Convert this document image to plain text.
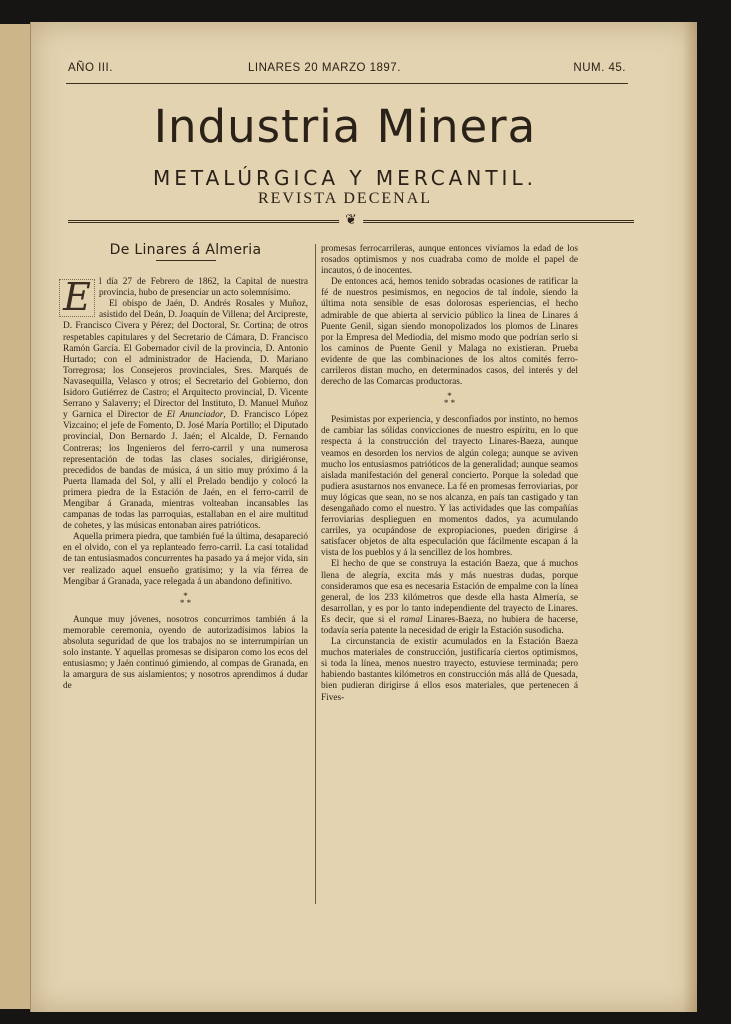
AÑO III.	LINARES 20 MARZO 1897.	NUM. 45.
Industria Minera
METALÚRGICA Y MERCANTIL.
REVISTA DECENAL
❦
De Linares á Almeria

E l día 27 de Febrero de 1862, la Capital de nuestra provincia, hubo de presenciar un acto solemnísimo.

El obispo de Jaén, D. Andrés Rosales y Muñoz, asistido del Deán, D. Joaquín de Villena; del Arcipreste, D. Francisco Civera y Pérez; del Doctoral, Sr. Cortina; de otros respetables capitulares y del Secretario de Cámara, D. Francisco Ramón García. El Gobernador civil de la provincia, D. Antonio Hurtado; con el administrador de Hacienda, D. Mariano Torregrosa; los Consejeros provinciales, Sres. Marqués de Navasequilla, Velasco y otros; el Secretario del Gobierno, don Isidoro Gutiérrez de Castro; el Arquitecto provincial, D. Vicente Serrano y Salaverry; el Director del Instituto, D. Manuel Muñoz y Garnica el Director de El Anunciador, D. Francisco López Vizcaino; el jefe de Fomento, D. José María Portillo; el Diputado provincial, Don Bernardo J. Jaén; el Alcalde, D. Fernando Contreras; los Ingenieros del ferro-carril y una numerosa representación de todas las clases sociales, dirigiéronse, precedidos de bandas de música, á un sitio muy próximo á la Puerta llamada del Sol, y allí el Prelado bendijo y colocó la primera piedra de la Estación de Jaén, en el ferro-carril de Mengibar á Granada, mientras volteaban incansables las campanas de todas las parroquias, estallaban en el aire multitud de cohetes, y las músicas entonaban aires patrióticos.

Aquella primera piedra, que también fué la última, desapareció en el olvido, con el ya replanteado ferro-carril. La casi totalidad de tan entusiasmados concurrentes ha pasado ya á mejor vida, sin ver realizado aquel ensueño gratísimo; y la vía férrea de Mengibar á Granada, yace relegada á un abandono definitivo.

*
* *

Aunque muy jóvenes, nosotros concurrimos también á la memorable ceremonia, oyendo de autorizadísimos labios la absoluta seguridad de que los trabajos no se interrumpirían un solo instante. Y aquellas promesas se disiparon como los ecos del entusiasmo; y Jaén continuó gimiendo, al compas de Granada, en la amargura de sus aislamientos; y nosotros aprendimos á dudar de

promesas ferrocarrileras, aunque entonces vivíamos la edad de los rosados optimismos y nos cuadraba como de molde el papel de incautos, ó de inocentes.

De entonces acá, hemos tenido sobradas ocasiones de ratificar la fé de nuestros pesimismos, en negocios de tal índole, siendo la última nota sensible de esas dolorosas esperiencias, el hecho admirable de que abierta al servicio público la linea de Linares á Puente Genil, sigan siendo monopolizados los plomos de Linares por la Empresa del Mediodia, del mismo modo que podrían serlo si los caminos de Puente Genil y Malaga no existieran. Prueba evidente de que las combinaciones de los altos comités ferro-carrileros distan mucho, en determinados casos, del interés y del derecho de las Comarcas productoras.

*
* *

Pesimistas por experiencia, y desconfiados por instinto, no hemos de cambiar las sólidas convicciones de nuestro espíritu, en lo que respecta á la construcción del trayecto Linares-Baeza, aunque veamos en desorden los nervios de algún colega; aunque se aviven mucho los entusiasmos patrióticos de la generalidad; aunque seamos aislada manifestación del general concierto. Porque la soledad que pudiera asustarnos nos envanece. La fé en promesas ferroviarias, por muy lógicas que sean, no se nos alcanza, en país tan castigado y tan desengañado como el nuestro. Y las actividades que las compañías ferroviarias desplieguen en momentos dados, ya acumulando carriles, ya ocupándose de expropiaciones, pueden dirigirse á satisfacer objetos de alta especulación que fácilmente escapan á la vista de los pueblos y á la sencillez de los hombres.

El hecho de que se construya la estación Baeza, que á muchos llena de alegría, excita más y más nuestras dudas, porque consideramos que esa es necesaria Estación de empalme con la línea general, de los 233 kilómetros que desde ella hasta Almería, se desarrollan, y es por lo tanto independiente del trayecto de Linares. Es decir, que si el ramal Linares-Baeza, no hubiera de hacerse, todavía sería patente la necesidad de erigir la Estación susodicha.

La circunstancia de existir acumulados en la Estación Baeza muchos materiales de construcción, justificaría ciertos optimismos, si toda la línea, menos nuestro trayecto, estuviese terminada; pero habiendo bastantes kilómetros en construcción más allá de Quesada, bien pudieran dirigirse á ellos esos materiales, que pertenecen á Fives-
